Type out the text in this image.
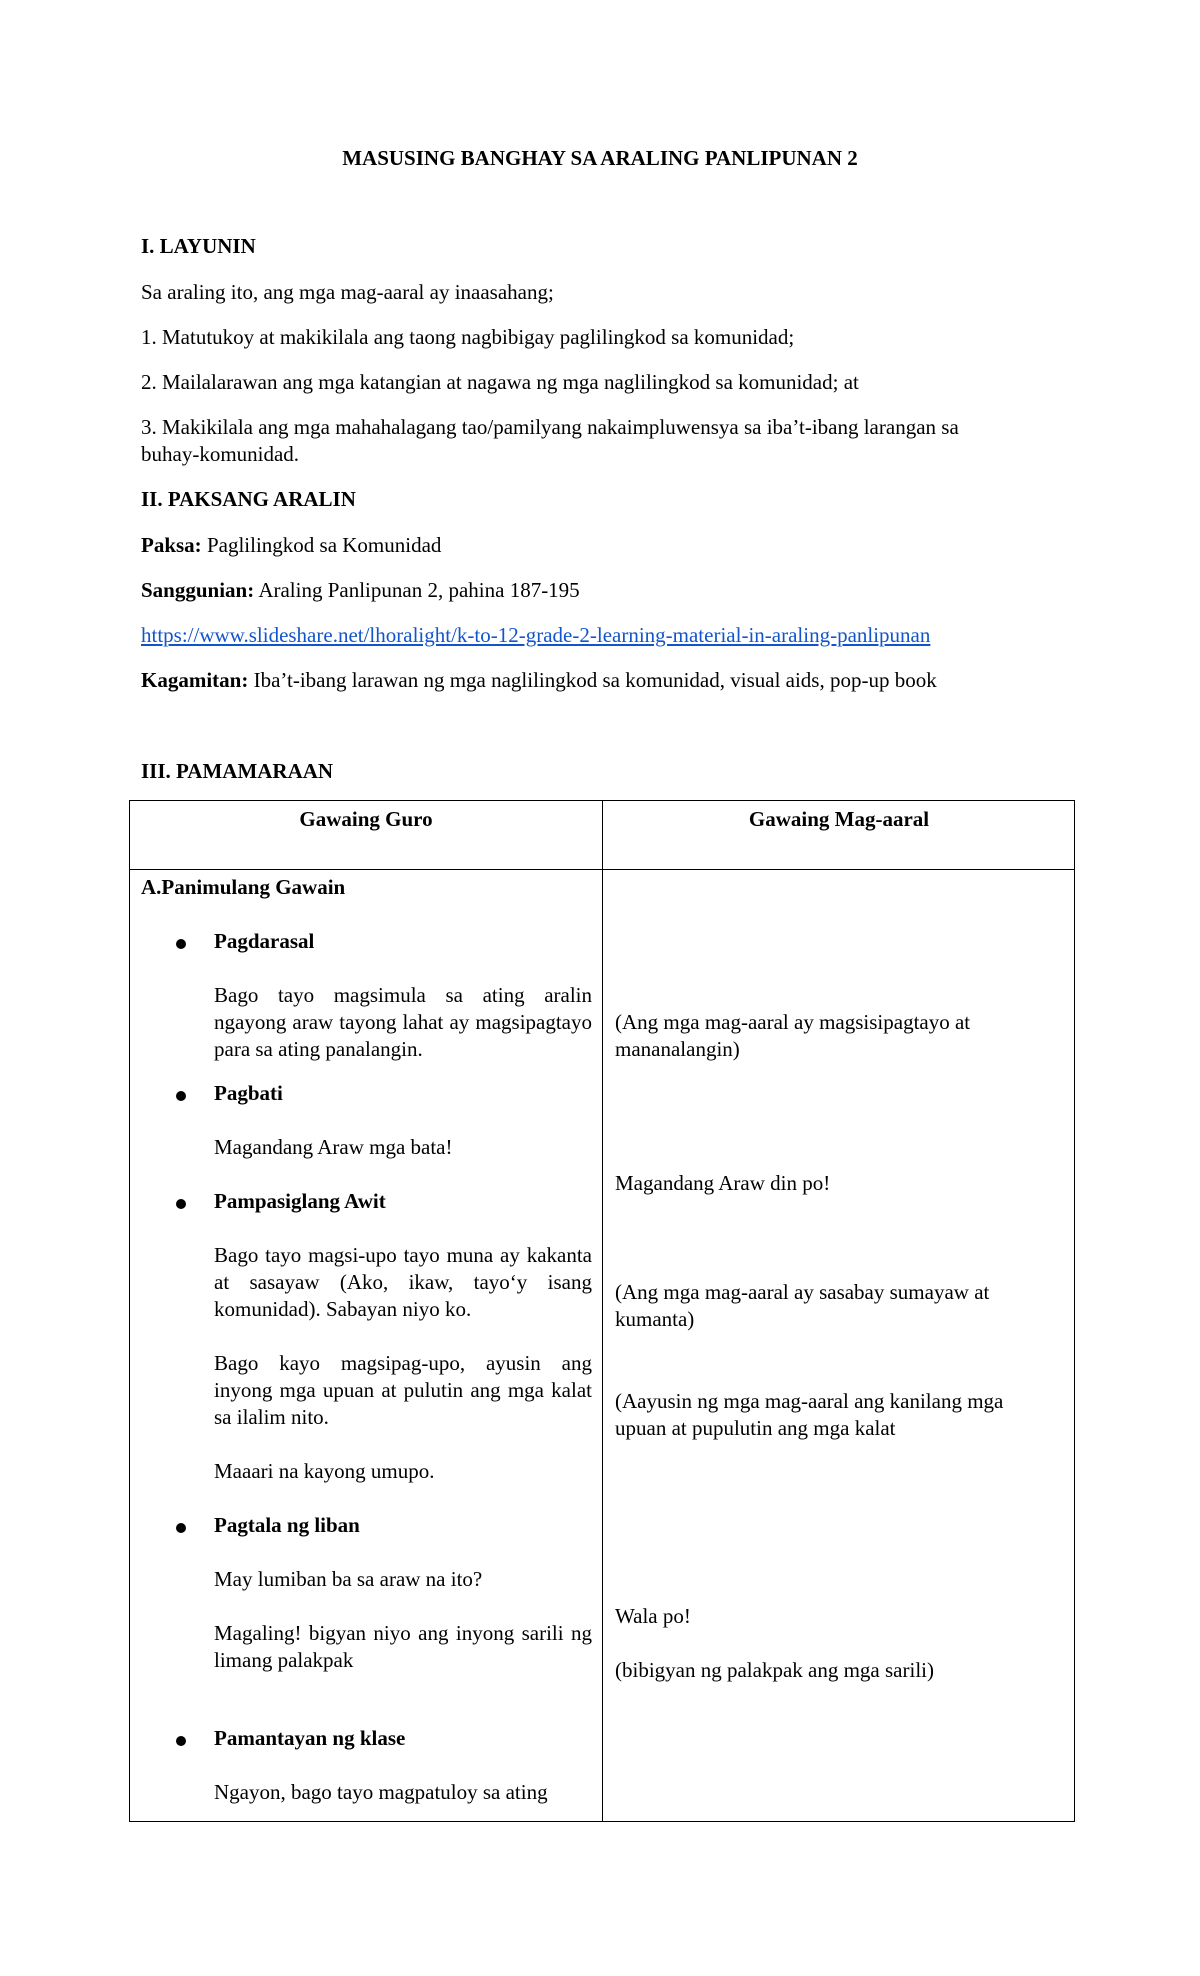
MASUSING BANGHAY SA ARALING PANLIPUNAN 2
I. LAYUNIN
Sa araling ito, ang mga mag-aaral ay inaasahang;
1. Matutukoy at makikilala ang taong nagbibigay paglilingkod sa komunidad;
2. Mailalarawan ang mga katangian at nagawa ng mga naglilingkod sa komunidad; at
3. Makikilala ang mga mahahalagang tao/pamilyang nakaimpluwensya sa iba’t-ibang larangan sa
buhay-komunidad.
II. PAKSANG ARALIN
Paksa: Paglilingkod sa Komunidad
Sanggunian: Araling Panlipunan 2, pahina 187-195
https://www.slideshare.net/lhoralight/k-to-12-grade-2-learning-material-in-araling-panlipunan
Kagamitan: Iba’t-ibang larawan ng mga naglilingkod sa komunidad, visual aids, pop-up book
III. PAMAMARAAN
Gawaing Guro	Gawaing Mag-aaral
A.Panimulang Gawain
Pagdarasal
Bago tayo magsimula sa ating aralin ngayong araw tayong lahat ay magsipagtayo para sa ating panalangin.
Pagbati
Magandang Araw mga bata!
Pampasiglang Awit
Bago tayo magsi-upo tayo muna ay kakanta at sasayaw (Ako, ikaw, tayo‘y isang komunidad). Sabayan niyo ko.
Bago kayo magsipag-upo, ayusin ang inyong mga upuan at pulutin ang mga kalat sa ilalim nito.
Maaari na kayong umupo.
Pagtala ng liban
May lumiban ba sa araw na ito?
Magaling! bigyan niyo ang inyong sarili ng limang palakpak
Pamantayan ng klase
Ngayon, bago tayo magpatuloy sa ating
(Ang mga mag-aaral ay magsisipagtayo at
mananalangin)
Magandang Araw din po!
(Ang mga mag-aaral ay sasabay sumayaw at
kumanta)
(Aayusin ng mga mag-aaral ang kanilang mga
upuan at pupulutin ang mga kalat
Wala po!
(bibigyan ng palakpak ang mga sarili)
